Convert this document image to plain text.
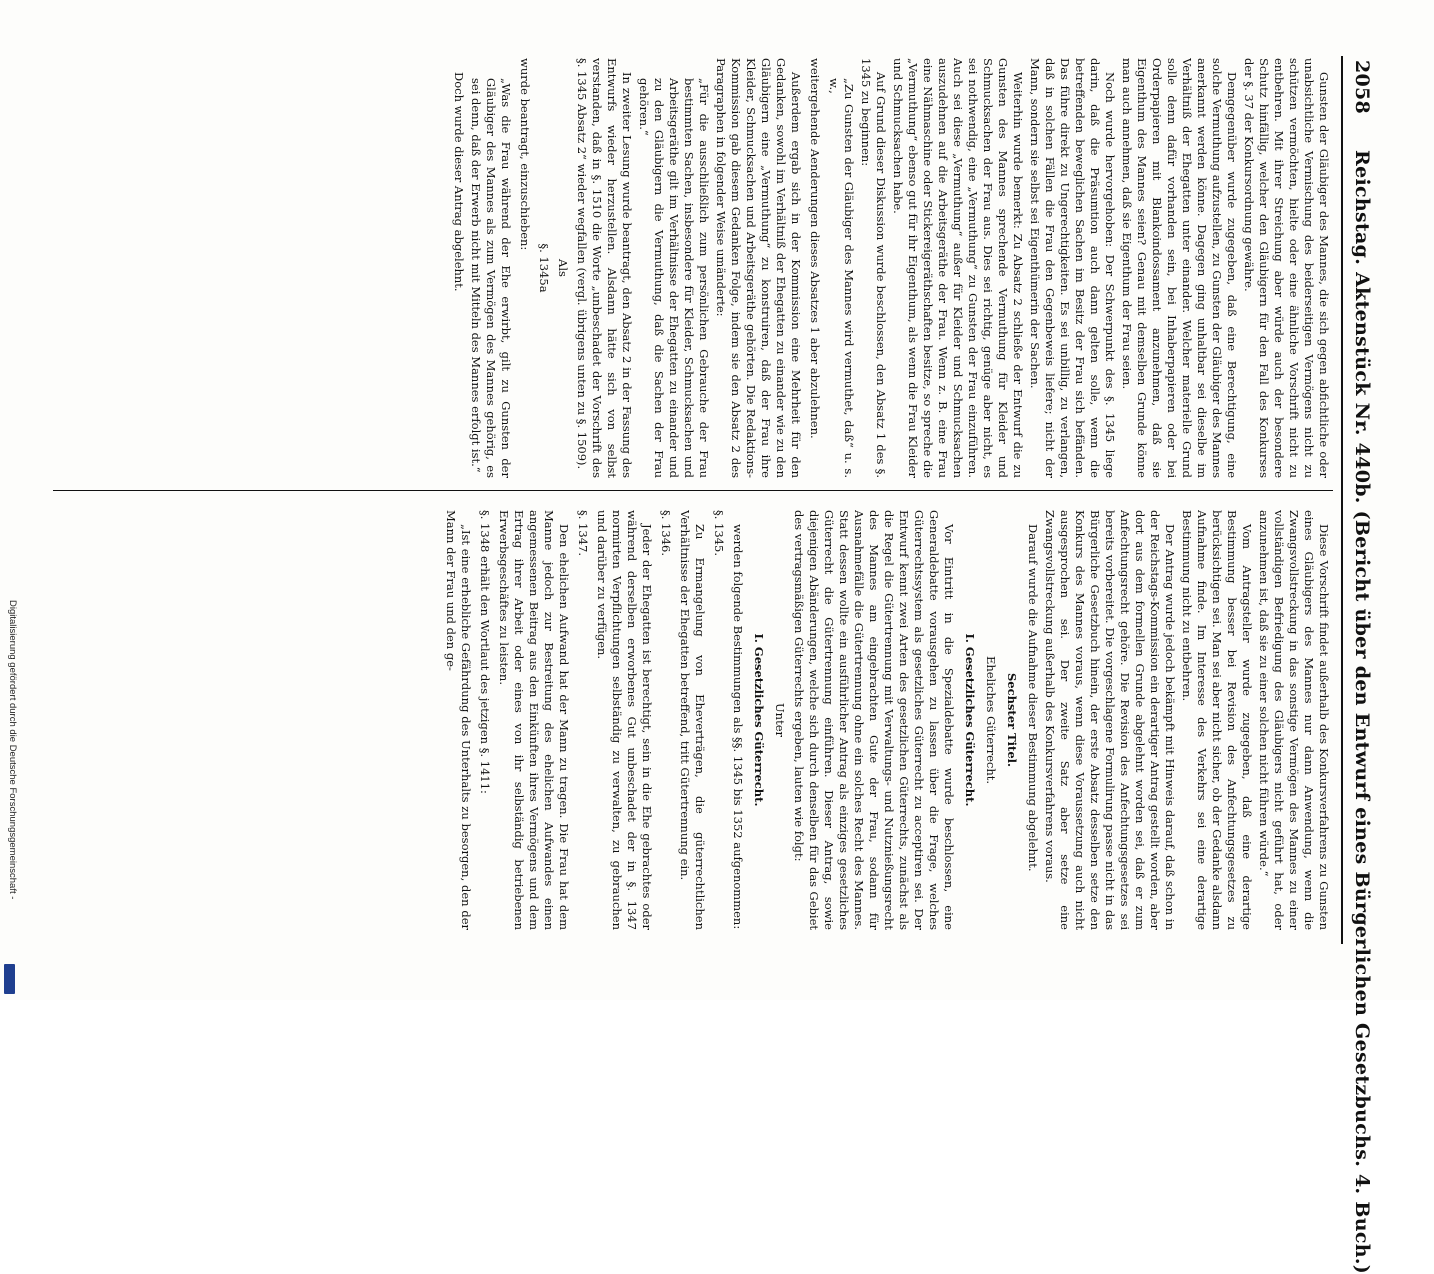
2058
Reichstag. Aktenstück Nr. 440b. (Bericht über den Entwurf eines Bürgerlichen Gesetzbuchs. 4. Buch.)

Gunsten der Gläubiger des Mannes, die sich gegen abfichtliche oder unabsichtliche Vermischung des beiderseitigen Vermögens nicht zu schützen vermöchten, hielte oder eine ähnliche Vorschrift nicht zu entbehren. Mit ihrer Streichung aber würde auch der besondere Schutz hinfällig, welcher den Gläubigern für den Fall des Konkurses der §. 37 der Konkursordnung gewähre.

Demgegenüber wurde zugegeben, daß eine Berechtigung, eine solche Vermuthung aufzustellen, zu Gunsten der Gläubiger des Mannes anerkannt werden könne. Dagegen ging unhaltbar sei dieselbe im Verhältniß der Ehegatten unter einander. Welcher materielle Grund solle denn dafür vorhanden sein, bei Inhaberpapieren oder bei Orderpapieren mit Blankoindossament anzunehmen, daß sie Eigenthum des Mannes seien? Genau mit demselben Grunde könne man auch annehmen, daß sie Eigenthum der Frau seien.

Noch wurde hervorgehoben: Der Schwerpunkt des §. 1345 liege darin, daß die Präsumtion auch dann gelten solle, wenn die betreffenden beweglichen Sachen im Besitz der Frau sich befänden. Das führe direkt zu Ungerechtigkeiten. Es sei unbillig, zu verlangen, daß in solchen Fällen die Frau den Gegenbeweis liefere; nicht der Mann, sondern sie selbst sei Eigenthümerin der Sachen.

Weiterhin wurde bemerkt: Zu Absatz 2 schließe der Entwurf die zu Gunsten des Mannes sprechende Vermuthung für Kleider und Schmucksachen der Frau aus. Dies sei richtig, genüge aber nicht, es sei nothwendig, eine „Vermuthung“ zu Gunsten der Frau einzuführen. Auch sei diese „Vermuthung“ außer für Kleider und Schmucksachen auszudehnen auf die Arbeitsgeräthe der Frau. Wenn z. B. eine Frau eine Nähmaschine oder Stickereigeräthschaften besitze, so spreche die „Vermuthung“ ebenso gut für ihr Eigenthum, als wenn die Frau Kleider und Schmucksachen habe.

Auf Grund dieser Diskussion wurde beschlossen, den Absatz 1 des §. 1345 zu beginnen:

„Zu Gunsten der Gläubiger des Mannes wird vermuthet, daß“ u. s. w.,

weitergehende Aenderungen dieses Absatzes 1 aber abzulehnen.

Außerdem ergab sich in der Kommission eine Mehrheit für den Gedanken, sowohl im Verhältniß der Ehegatten zu einander wie zu den Gläubigern eine „Vermuthung“ zu konstruiren, daß der Frau ihre Kleider, Schmucksachen und Arbeitsgeräthe gehörten. Die Redaktions-Kommission gab diesem Gedanken Folge, indem sie den Absatz 2 des Paragraphen in folgender Weise umänderte:

„Für die ausschließlich zum persönlichen Gebrauche der Frau bestimmten Sachen, insbesondere für Kleider, Schmucksachen und Arbeitsgeräthe gilt im Verhältnisse der Ehegatten zu einander und zu den Gläubigern die Vermuthung, daß die Sachen der Frau gehören.“

In zweiter Lesung wurde beantragt, den Absatz 2 in der Fassung des Entwurfs wieder herzustellen. Alsdann hätte sich von selbst verstanden, daß in §. 1510 die Worte „unbeschadet der Vorschrift des §. 1345 Absatz 2“ wieder wegfallen (vergl. übrigens unten zu §. 1509).

Als

§. 1345a

wurde beantragt, einzuschieben:

„Was die Frau während der Ehe erwirbt, gilt zu Gunsten der Gläubiger des Mannes als zum Vermögen des Mannes gehörig, es sei denn, daß der Erwerb nicht mit Mitteln des Mannes erfolgt ist.“

Doch wurde dieser Antrag abgelehnt.

Diese Vorschrift findet außerhalb des Konkursverfahrens zu Gunsten eines Gläubigers des Mannes nur dann Anwendung, wenn die Zwangsvollstreckung in das sonstige Vermögen des Mannes zu einer vollständigen Befriedigung des Gläubigers nicht geführt hat, oder anzunehmen ist, daß sie zu einer solchen nicht führen würde.“

Vom Antragsteller wurde zugegeben, daß eine derartige Bestimmung besser bei Revision des Anfechtungsgesetzes zu berücksichtigen sei. Man sei aber nicht sicher, ob der Gedanke alsdann Aufnahme finde. Im Interesse des Verkehrs sei eine derartige Bestimmung nicht zu entbehren.

Der Antrag wurde jedoch bekämpft mit Hinweis darauf, daß schon in der Reichstags-Kommission ein derartiger Antrag gestellt worden, aber dort aus dem formellen Grunde abgelehnt worden sei, daß er zum Anfechtungsrecht gehöre. Die Revision des Anfechtungsgesetzes sei bereits vorbereitet. Die vorgeschlagene Formulirung passe nicht in das Bürgerliche Gesetzbuch hinein, der erste Absatz desselben setze den Konkurs des Mannes voraus, wenn diese Voraussetzung auch nicht ausgesprochen sei. Der zweite Satz aber setze eine Zwangsvollstreckung außerhalb des Konkursverfahrens voraus.

Darauf wurde die Aufnahme dieser Bestimmung abgelehnt.

Sechster Titel.

Eheliches Güterrecht.

I. Gesetzliches Güterrecht.

Vor Eintritt in die Spezialdebatte wurde beschlossen, eine Generaldebatte vorausgehen zu lassen über die Frage, welches Güterrechtssystem als gesetzliches Güterrecht zu acceptiren sei. Der Entwurf kennt zwei Arten des gesetzlichen Güterrechts, zunächst als die Regel die Gütertrennung mit Verwaltungs- und Nutznießungsrecht des Mannes am eingebrachten Gute der Frau, sodann für Ausnahmefälle die Gütertrennung ohne ein solches Recht des Mannes. Statt dessen wollte ein ausführlicher Antrag als einziges gesetzliches Güterrecht die Gütertrennung einführen. Dieser Antrag, sowie diejenigen Abänderungen, welche sich durch denselben für das Gebiet des vertragsmäßigen Güterrechts ergeben, lauten wie folgt:

Unter

I. Gesetzliches Güterrecht.

werden folgende Bestimmungen als §§. 1345 bis 1352 aufgenommen:

§. 1345.

Zu Ermangelung von Eheverträgen, die güterrechtlichen Verhältnisse der Ehegatten betreffend, tritt Gütertrennung ein.

§. 1346.

Jeder der Ehegatten ist berechtigt, sein in die Ehe gebrachtes oder während derselben erworbenes Gut unbeschadet der in §. 1347 normirten Verpflichtungen selbständig zu verwalten, zu gebrauchen und darüber zu verfügen.

§. 1347.

Den ehelichen Aufwand hat der Mann zu tragen. Die Frau hat dem Manne jedoch zur Bestreitung des ehelichen Aufwandes einen angemessenen Beitrag aus den Einkünften ihres Vermögens und dem Ertrag ihrer Arbeit oder eines von ihr selbständig betriebenen Erwerbsgeschäftes zu leisten.

§. 1348 erhält den Wortlaut des jetzigen §. 1411:

„Ist eine erhebliche Gefährdung des Unterhalts zu besorgen, den der Mann der Frau und den ge-

Digitalisierung gefördert durch die Deutsche Forschungsgemeinschaft -
